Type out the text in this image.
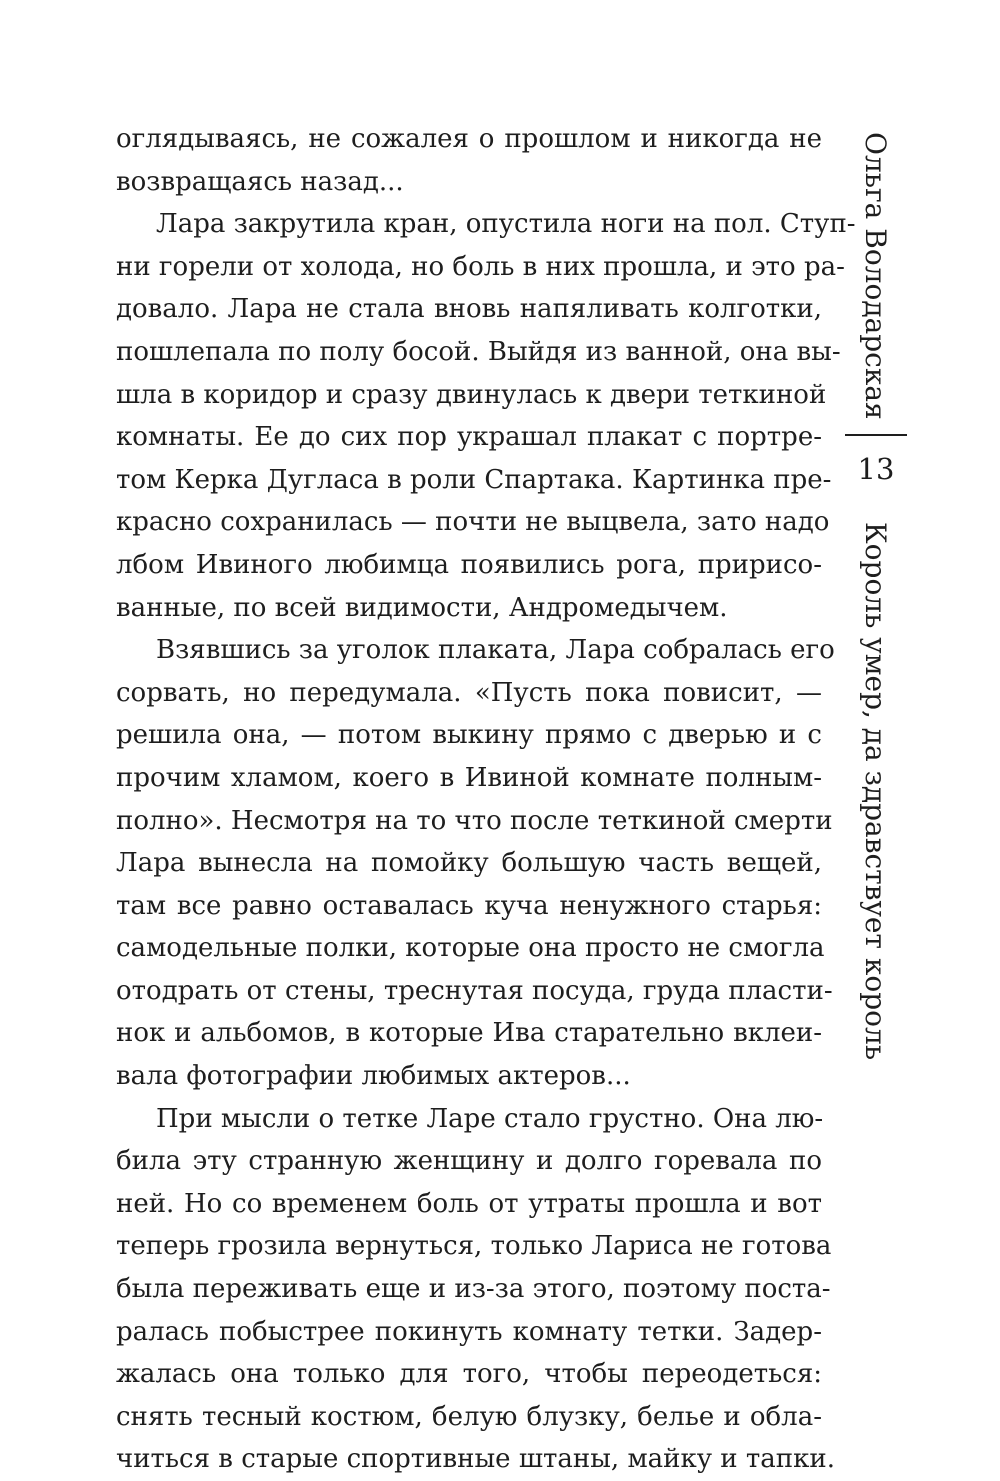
оглядываясь, не сожалея о прошлом и никогда не
возвращаясь назад...
Лара закрутила кран, опустила ноги на пол. Ступ-
ни горели от холода, но боль в них прошла, и это ра-
довало. Лара не стала вновь напяливать колготки,
пошлепала по полу босой. Выйдя из ванной, она вы-
шла в коридор и сразу двинулась к двери теткиной
комнаты. Ее до сих пор украшал плакат с портре-
том Керка Дугласа в роли Спартака. Картинка пре-
красно сохранилась — почти не выцвела, зато надо
лбом Ивиного любимца появились рога, пририсо-
ванные, по всей видимости, Андромедычем.
Взявшись за уголок плаката, Лара собралась его
сорвать, но передумала. «Пусть пока повисит, —
решила она, — потом выкину прямо с дверью и с
прочим хламом, коего в Ивиной комнате полным-
полно». Несмотря на то что после теткиной смерти
Лара вынесла на помойку большую часть вещей,
там все равно оставалась куча ненужного старья:
самодельные полки, которые она просто не смогла
отодрать от стены, треснутая посуда, груда пласти-
нок и альбомов, в которые Ива старательно вклеи-
вала фотографии любимых актеров...
При мысли о тетке Ларе стало грустно. Она лю-
била эту странную женщину и долго горевала по
ней. Но со временем боль от утраты прошла и вот
теперь грозила вернуться, только Лариса не готова
была переживать еще и из-за этого, поэтому поста-
ралась побыстрее покинуть комнату тетки. Задер-
жалась она только для того, чтобы переодеться:
снять тесный костюм, белую блузку, белье и обла-
читься в старые спортивные штаны, майку и тапки.
Ольга Володарская
13
Король умер, да здравствует король
